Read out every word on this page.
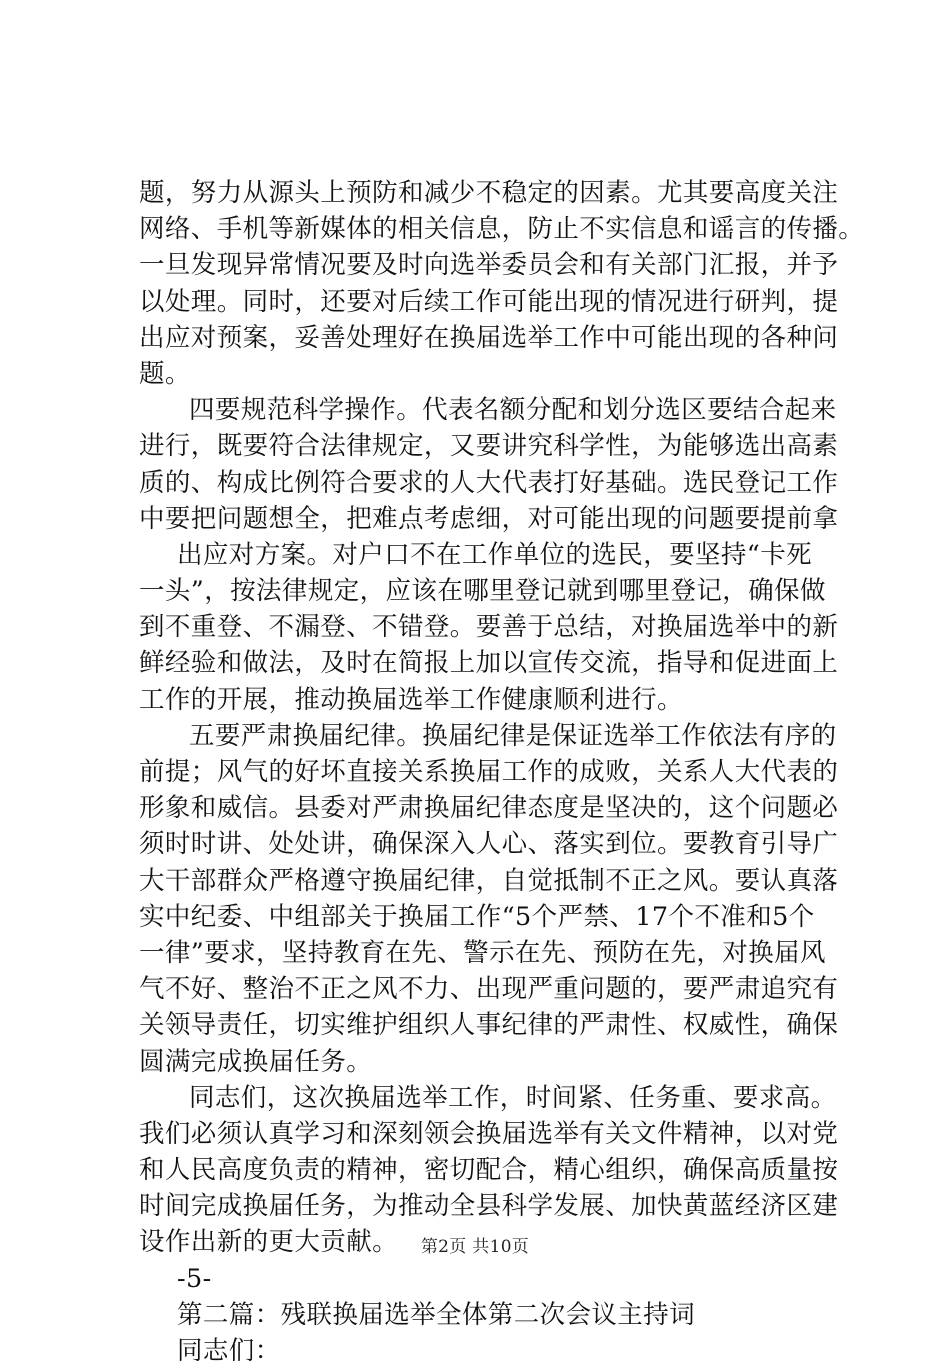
题，努力从源头上预防和减少不稳定的因素。尤其要高度关注
网络、手机等新媒体的相关信息，防止不实信息和谣言的传播。
一旦发现异常情况要及时向选举委员会和有关部门汇报，并予
以处理。同时，还要对后续工作可能出现的情况进行研判，提
出应对预案，妥善处理好在换届选举工作中可能出现的各种问
题。
四要规范科学操作。代表名额分配和划分选区要结合起来
进行，既要符合法律规定，又要讲究科学性，为能够选出高素
质的、构成比例符合要求的人大代表打好基础。选民登记工作
中要把问题想全，把难点考虑细，对可能出现的问题要提前拿
出应对方案。对户口不在工作单位的选民，要坚持“卡死
一头”，按法律规定，应该在哪里登记就到哪里登记，确保做
到不重登、不漏登、不错登。要善于总结，对换届选举中的新
鲜经验和做法，及时在简报上加以宣传交流，指导和促进面上
工作的开展，推动换届选举工作健康顺利进行。
五要严肃换届纪律。换届纪律是保证选举工作依法有序的
前提；风气的好坏直接关系换届工作的成败，关系人大代表的
形象和威信。县委对严肃换届纪律态度是坚决的，这个问题必
须时时讲、处处讲，确保深入人心、落实到位。要教育引导广
大干部群众严格遵守换届纪律，自觉抵制不正之风。要认真落
实中纪委、中组部关于换届工作“5个严禁、17个不准和5个
一律”要求，坚持教育在先、警示在先、预防在先，对换届风
气不好、整治不正之风不力、出现严重问题的，要严肃追究有
关领导责任，切实维护组织人事纪律的严肃性、权威性，确保
圆满完成换届任务。
同志们，这次换届选举工作，时间紧、任务重、要求高。
我们必须认真学习和深刻领会换届选举有关文件精神，以对党
和人民高度负责的精神，密切配合，精心组织，确保高质量按
时间完成换届任务，为推动全县科学发展、加快黄蓝经济区建
设作出新的更大贡献。
-5-
第二篇：残联换届选举全体第二次会议主持词
同志们：
第2页 共10页
